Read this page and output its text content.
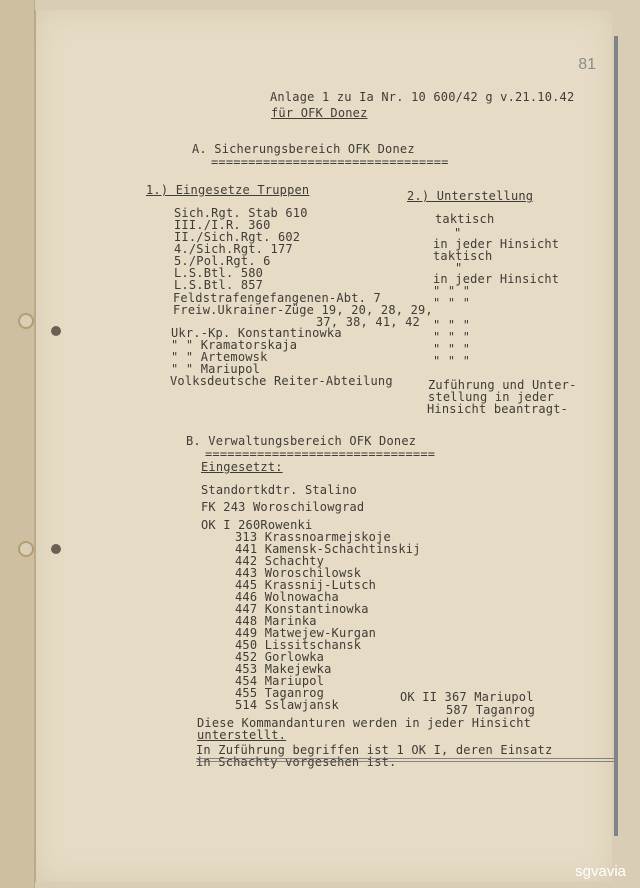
81
Anlage 1 zu Ia Nr. 10 600/42 g v.21.10.42
für OFK Donez
A. Sicherungsbereich OFK Donez
================================
1.) Eingesetze Truppen	2.) Unterstellung
Sich.Rgt. Stab 610
III./I.R. 360
II./Sich.Rgt. 602
4./Sich.Rgt. 177
5./Pol.Rgt. 6
L.S.Btl. 580
L.S.Btl. 857
Feldstrafengefangenen-Abt. 7
Freiw.Ukrainer-Züge 19, 20, 28, 29,
37, 38, 41, 42
Ukr.-Kp. Konstantinowka
" " Kramatorskaja
" " Artemowsk
" " Mariupol
Volksdeutsche Reiter-Abteilung
taktisch
"
in jeder Hinsicht
taktisch
"
in jeder Hinsicht
" " "
" " "
" " "
" " "
" " "
" " "
Zuführung und Unter-
stellung in jeder
Hinsicht beantragt-
B. Verwaltungsbereich OFK Donez
===============================
Eingesetzt:
Standortkdtr. Stalino
FK 243 Woroschilowgrad
OK I 260Rowenki
313 Krassnoarmejskoje
441 Kamensk-Schachtinskij
442 Schachty
443 Woroschilowsk
445 Krassnij-Lutsch
446 Wolnowacha
447 Konstantinowka
448 Marinka
449 Matwejew-Kurgan
450 Lissitschansk
452 Gorlowka
453 Makejewka
454 Mariupol
455 Taganrog
514 Sslawjansk
OK II 367 Mariupol
587 Taganrog
Diese Kommandanturen werden in jeder Hinsicht
unterstellt.
In Zuführung begriffen ist 1 OK I, deren Einsatz
in Schachty vorgesehen ist.
sgvavia
